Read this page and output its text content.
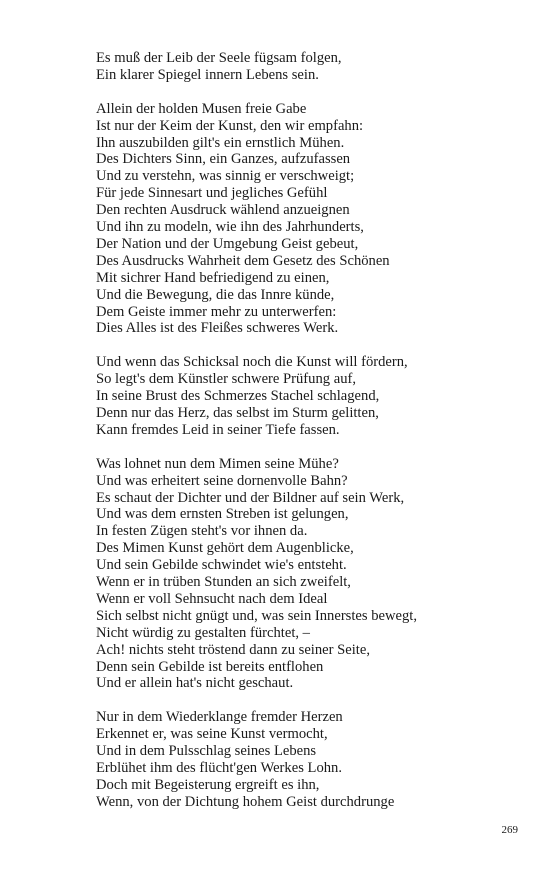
Es muß der Leib der Seele fügsam folgen,
Ein klarer Spiegel innern Lebens sein.
Allein der holden Musen freie Gabe
Ist nur der Keim der Kunst, den wir empfahn:
Ihn auszubilden gilt's ein ernstlich Mühen.
Des Dichters Sinn, ein Ganzes, aufzufassen
Und zu verstehn, was sinnig er verschweigt;
Für jede Sinnesart und jegliches Gefühl
Den rechten Ausdruck wählend anzueignen
Und ihn zu modeln, wie ihn des Jahrhunderts,
Der Nation und der Umgebung Geist gebeut,
Des Ausdrucks Wahrheit dem Gesetz des Schönen
Mit sichrer Hand befriedigend zu einen,
Und die Bewegung, die das Innre künde,
Dem Geiste immer mehr zu unterwerfen:
Dies Alles ist des Fleißes schweres Werk.
Und wenn das Schicksal noch die Kunst will fördern,
So legt's dem Künstler schwere Prüfung auf,
In seine Brust des Schmerzes Stachel schlagend,
Denn nur das Herz, das selbst im Sturm gelitten,
Kann fremdes Leid in seiner Tiefe fassen.
Was lohnet nun dem Mimen seine Mühe?
Und was erheitert seine dornenvolle Bahn?
Es schaut der Dichter und der Bildner auf sein Werk,
Und was dem ernsten Streben ist gelungen,
In festen Zügen steht's vor ihnen da.
Des Mimen Kunst gehört dem Augenblicke,
Und sein Gebilde schwindet wie's entsteht.
Wenn er in trüben Stunden an sich zweifelt,
Wenn er voll Sehnsucht nach dem Ideal
Sich selbst nicht gnügt und, was sein Innerstes bewegt,
Nicht würdig zu gestalten fürchtet, –
Ach! nichts steht tröstend dann zu seiner Seite,
Denn sein Gebilde ist bereits entflohen
Und er allein hat's nicht geschaut.
Nur in dem Wiederklange fremder Herzen
Erkennet er, was seine Kunst vermocht,
Und in dem Pulsschlag seines Lebens
Erblühet ihm des flücht'gen Werkes Lohn.
Doch mit Begeisterung ergreift es ihn,
Wenn, von der Dichtung hohem Geist durchdrunge
269
